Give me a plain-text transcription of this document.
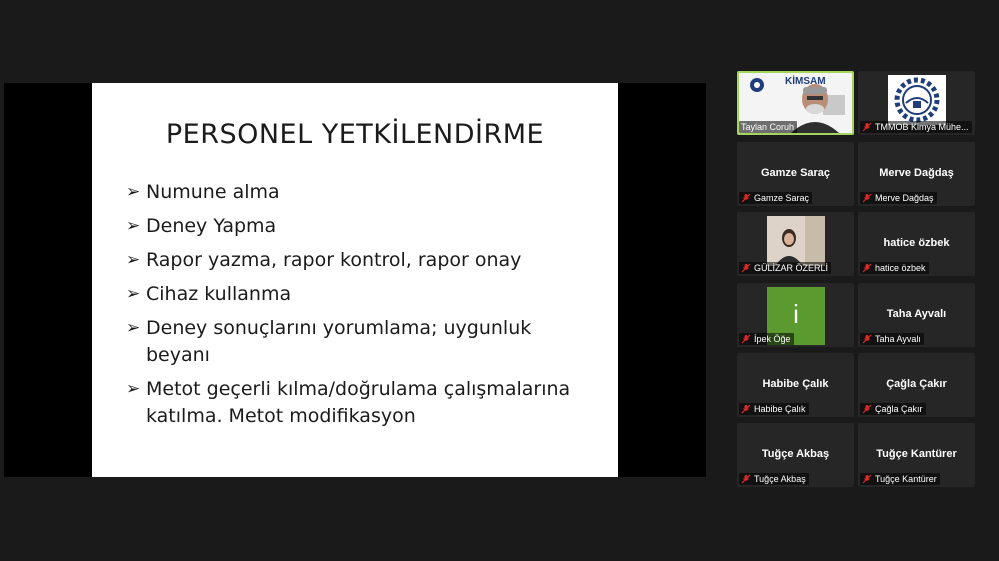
PERSONEL YETKİLENDİRME
➢ Numune alma
➢ Deney Yapma
➢ Rapor yazma, rapor kontrol, rapor onay
➢ Cihaz kullanma
➢ Deney sonuçlarını yorumlama; uygunluk beyanı
➢ Metot geçerli kılma/doğrulama çalışmalarına katılma. Metot modifikasyon
KİMSAM
Taylan Coruh	TMMOB Kimya Mühe...
Gamze Saraç
Gamze Saraç
Merve Dağdaş
Merve Dağdaş
GÜLİZAR ÖZERLİ
hatice özbek
hatice özbek
i
İpek Öğe
Taha Ayvalı
Taha Ayvalı
Habibe Çalık
Habibe Çalık
Çağla Çakır
Çağla Çakır
Tuğçe Akbaş
Tuğçe Akbaş
Tuğçe Kantürer
Tuğçe Kantürer
